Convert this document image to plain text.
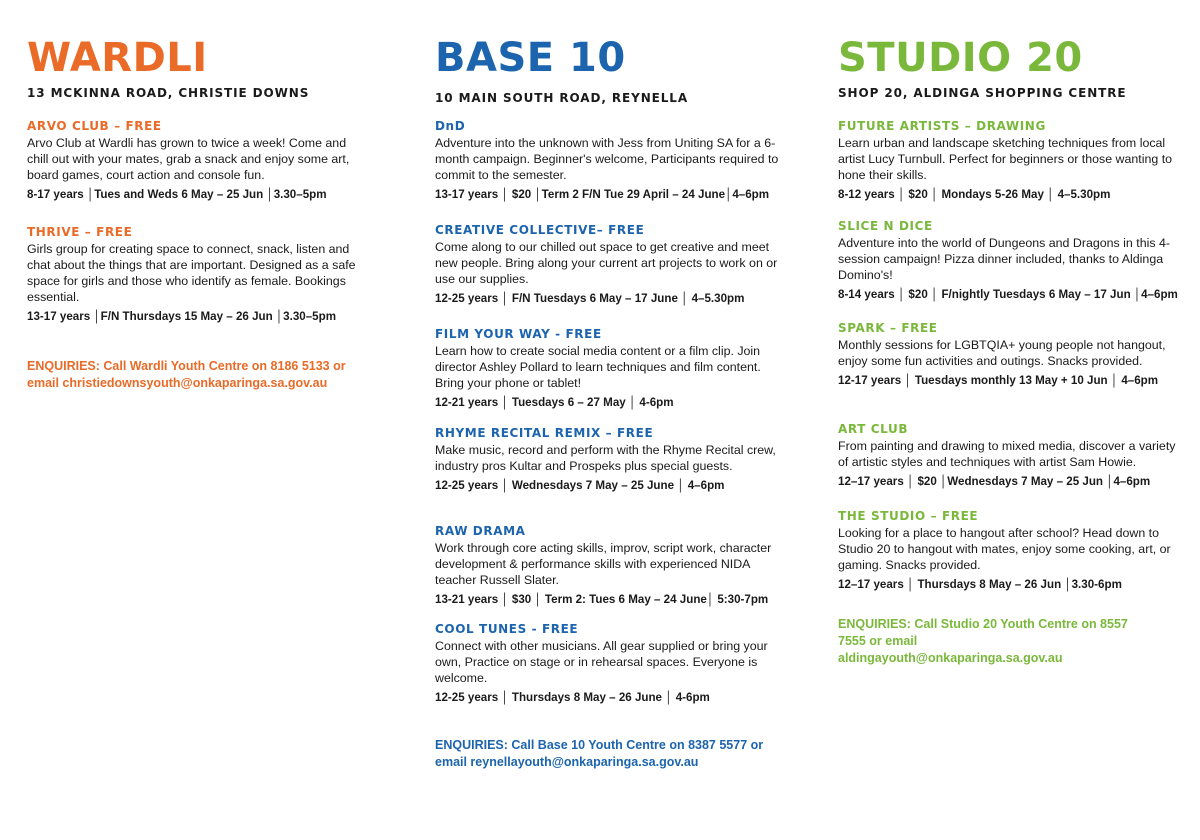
WARDLI
13 MCKINNA ROAD, CHRISTIE DOWNS
ARVO CLUB – FREE
Arvo Club at Wardli has grown to twice a week! Come and chill out with your mates, grab a snack and enjoy some art, board games, court action and console fun.
8-17 years │Tues and Weds 6 May – 25 Jun │3.30–5pm
THRIVE – FREE
Girls group for creating space to connect, snack, listen and chat about the things that are important. Designed as a safe space for girls and those who identify as female. Bookings essential.
13-17 years │F/N Thursdays 15 May – 26 Jun │3.30–5pm
ENQUIRIES: Call Wardli Youth Centre on 8186 5133 or email christiedownsyouth@onkaparinga.sa.gov.au
BASE 10
10 MAIN SOUTH ROAD, REYNELLA
DnD
Adventure into the unknown with Jess from Uniting SA for a 6-month campaign. Beginner's welcome, Participants required to commit to the semester.
13-17 years │ $20 │Term 2 F/N Tue 29 April – 24 June│4–6pm
CREATIVE COLLECTIVE– FREE
Come along to our chilled out space to get creative and meet new people. Bring along your current art projects to work on or use our supplies.
12-25 years │ F/N Tuesdays 6 May – 17 June │ 4–5.30pm
FILM YOUR WAY - FREE
Learn how to create social media content or a film clip. Join director Ashley Pollard to learn techniques and film content. Bring your phone or tablet!
12-21 years │ Tuesdays 6 – 27 May │ 4-6pm
RHYME RECITAL REMIX – FREE
Make music, record and perform with the Rhyme Recital crew, industry pros Kultar and Prospeks plus special guests.
12-25 years │ Wednesdays 7 May – 25 June │ 4–6pm
RAW DRAMA
Work through core acting skills, improv, script work, character development & performance skills with experienced NIDA teacher Russell Slater.
13-21 years │ $30 │ Term 2: Tues 6 May – 24 June│ 5:30-7pm
COOL TUNES - FREE
Connect with other musicians. All gear supplied or bring your own, Practice on stage or in rehearsal spaces. Everyone is welcome.
12-25 years │ Thursdays 8 May – 26 June │ 4-6pm
ENQUIRIES: Call Base 10 Youth Centre on 8387 5577 or email reynellayouth@onkaparinga.sa.gov.au
STUDIO 20
SHOP 20, ALDINGA SHOPPING CENTRE
FUTURE ARTISTS – DRAWING
Learn urban and landscape sketching techniques from local artist Lucy Turnbull. Perfect for beginners or those wanting to hone their skills.
8-12 years │ $20 │ Mondays 5-26 May │ 4–5.30pm
SLICE N DICE
Adventure into the world of Dungeons and Dragons in this 4-session campaign! Pizza dinner included, thanks to Aldinga Domino's!
8-14 years │ $20 │ F/nightly Tuesdays 6 May – 17 Jun │4–6pm
SPARK – FREE
Monthly sessions for LGBTQIA+ young people not hangout, enjoy some fun activities and outings. Snacks provided.
12-17 years │ Tuesdays monthly 13 May + 10 Jun │ 4–6pm
ART CLUB
From painting and drawing to mixed media, discover a variety of artistic styles and techniques with artist Sam Howie.
12–17 years │ $20 │Wednesdays 7 May – 25 Jun │4–6pm
THE STUDIO – FREE
Looking for a place to hangout after school? Head down to Studio 20 to hangout with mates, enjoy some cooking, art, or gaming. Snacks provided.
12–17 years │ Thursdays 8 May – 26 Jun │3.30-6pm
ENQUIRIES: Call Studio 20 Youth Centre on 8557 7555 or email aldingayouth@onkaparinga.sa.gov.au
